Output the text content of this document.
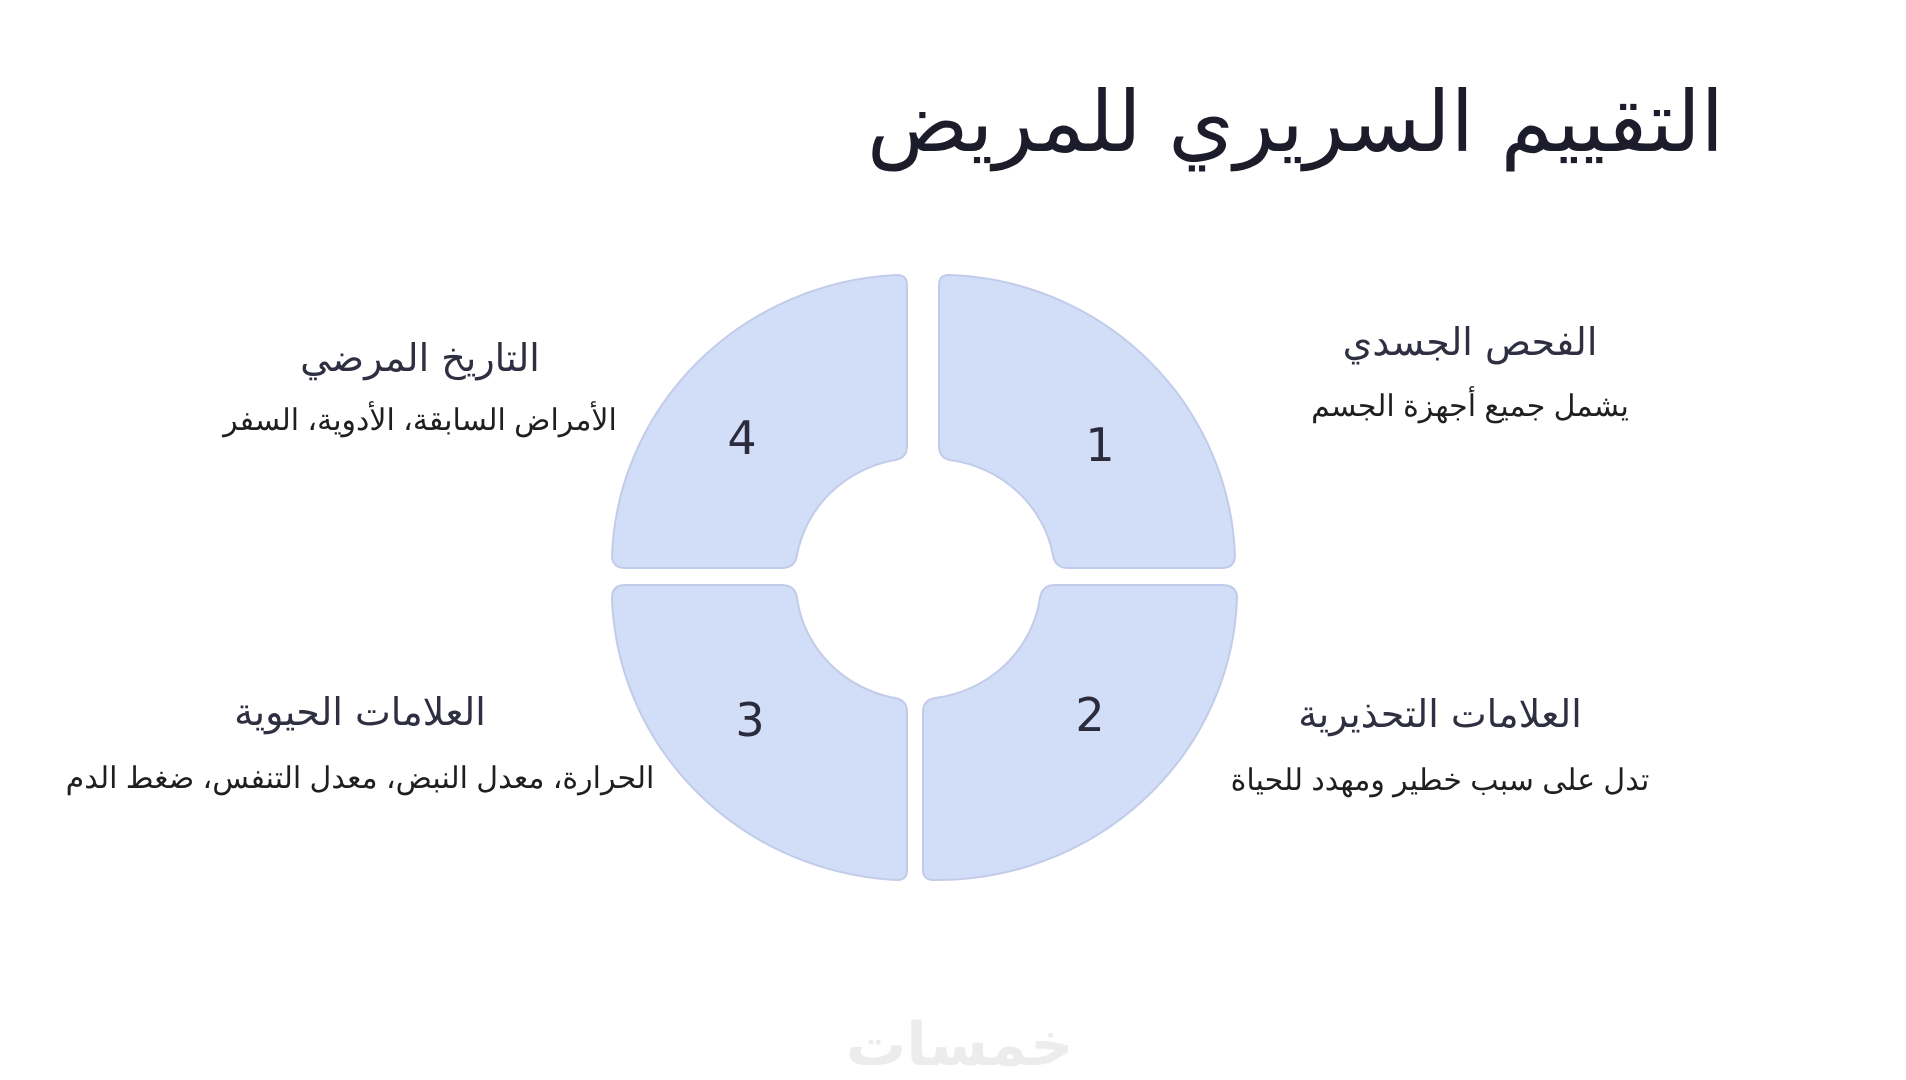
التقييم السريري للمريض
1
2
3
4
الفحص الجسدي
يشمل جميع أجهزة الجسم
العلامات التحذيرية
تدل على سبب خطير ومهدد للحياة
العلامات الحيوية
الحرارة، معدل النبض، معدل التنفس، ضغط الدم
التاريخ المرضي
الأمراض السابقة، الأدوية، السفر
خمسات
